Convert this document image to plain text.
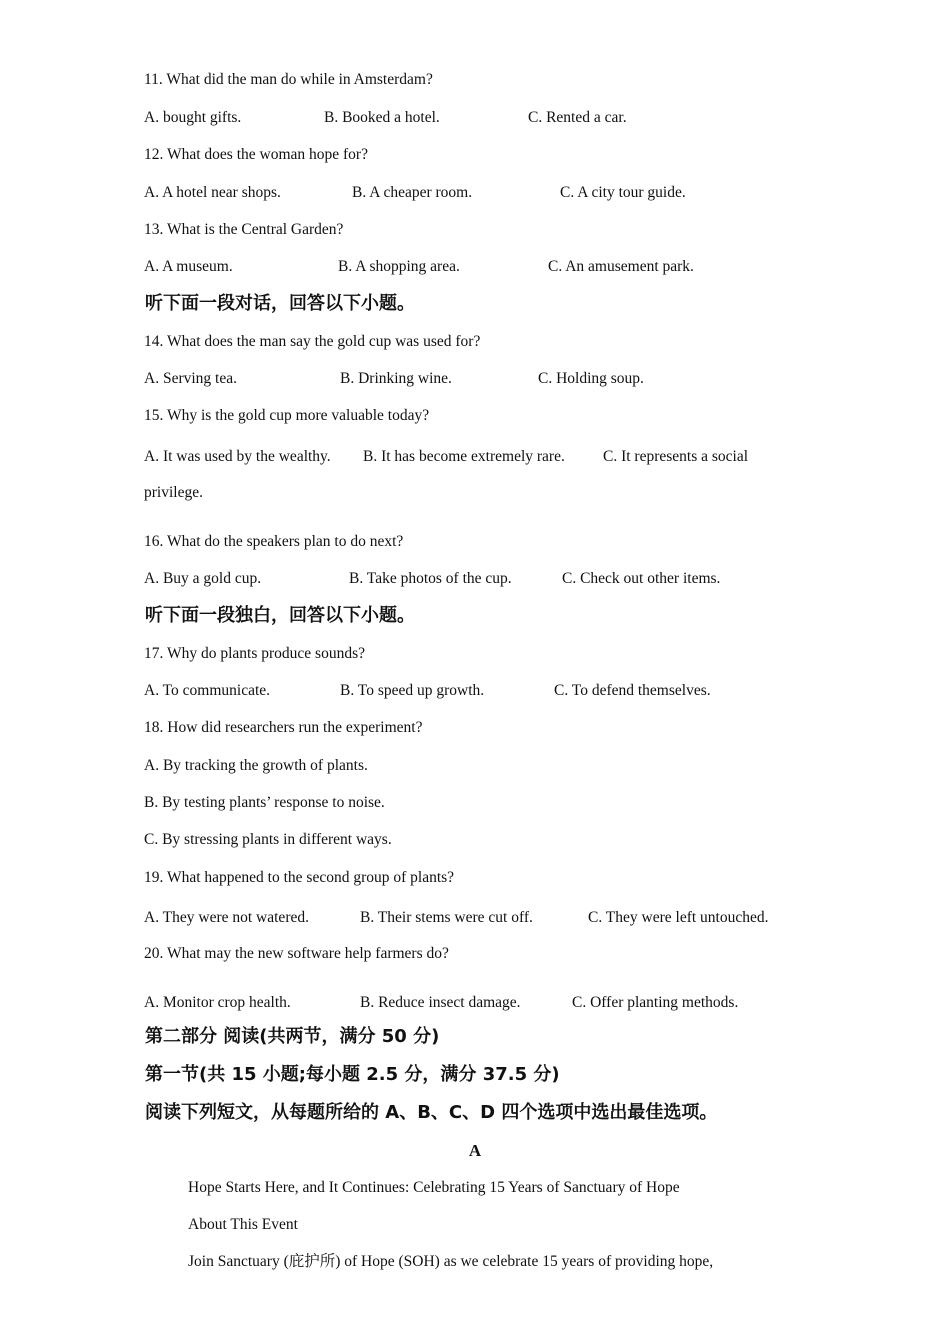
11. What did the man do while in Amsterdam?
A. bought gifts.	B. Booked a hotel.	C. Rented a car.
12. What does the woman hope for?
A. A hotel near shops.	B. A cheaper room.	C. A city tour guide.
13. What is the Central Garden?
A. A museum.	B. A shopping area.	C. An amusement park.
听下面一段对话，回答以下小题。
14. What does the man say the gold cup was used for?
A. Serving tea.	B. Drinking wine.	C. Holding soup.
15. Why is the gold cup more valuable today?
A. It was used by the wealthy. B. It has become extremely rare. C. It represents a social
privilege.
16. What do the speakers plan to do next?
A. Buy a gold cup.	B. Take photos of the cup.	C. Check out other items.
听下面一段独白，回答以下小题。
17. Why do plants produce sounds?
A. To communicate.	B. To speed up growth.	C. To defend themselves.
18. How did researchers run the experiment?
A. By tracking the growth of plants.
B. By testing plants’ response to noise.
C. By stressing plants in different ways.
19. What happened to the second group of plants?
A. They were not watered.	B. Their stems were cut off.	C. They were left untouched.
20. What may the new software help farmers do?
A. Monitor crop health.	B. Reduce insect damage.	C. Offer planting methods.
第二部分 阅读(共两节，满分 50 分)
第一节(共 15 小题;每小题 2.5 分，满分 37.5 分)
阅读下列短文，从每题所给的 A、B、C、D 四个选项中选出最佳选项。
A
Hope Starts Here, and It Continues: Celebrating 15 Years of Sanctuary of Hope
About This Event
Join Sanctuary (庇护所) of Hope (SOH) as we celebrate 15 years of providing hope,
